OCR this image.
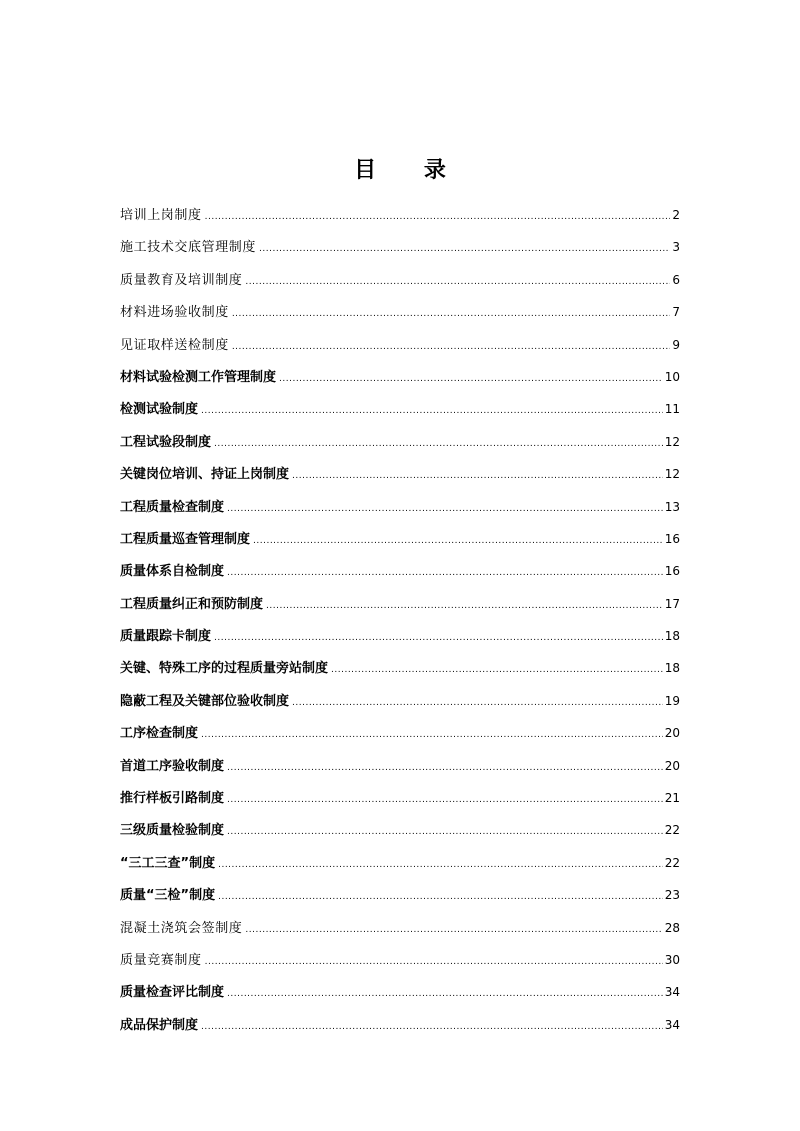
目 录
培训上岗制度 .....	2
施工技术交底管理制度 .....	3
质量教育及培训制度 .....	6
材料进场验收制度 .....	7
见证取样送检制度 .....	9
材料试验检测工作管理制度 .....	10
检测试验制度 .....	11
工程试验段制度 .....	12
关键岗位培训、持证上岗制度 .....	12
工程质量检查制度 .....	13
工程质量巡查管理制度 .....	16
质量体系自检制度 .....	16
工程质量纠正和预防制度 .....	17
质量跟踪卡制度 .....	18
关键、特殊工序的过程质量旁站制度 .....	18
隐蔽工程及关键部位验收制度 .....	19
工序检查制度 .....	20
首道工序验收制度 .....	20
推行样板引路制度 .....	21
三级质量检验制度 .....	22
“三工三查”制度 .....	22
质量“三检”制度 .....	23
混凝土浇筑会签制度 .....	28
质量竞赛制度 .....	30
质量检查评比制度 .....	34
成品保护制度 .....	34
